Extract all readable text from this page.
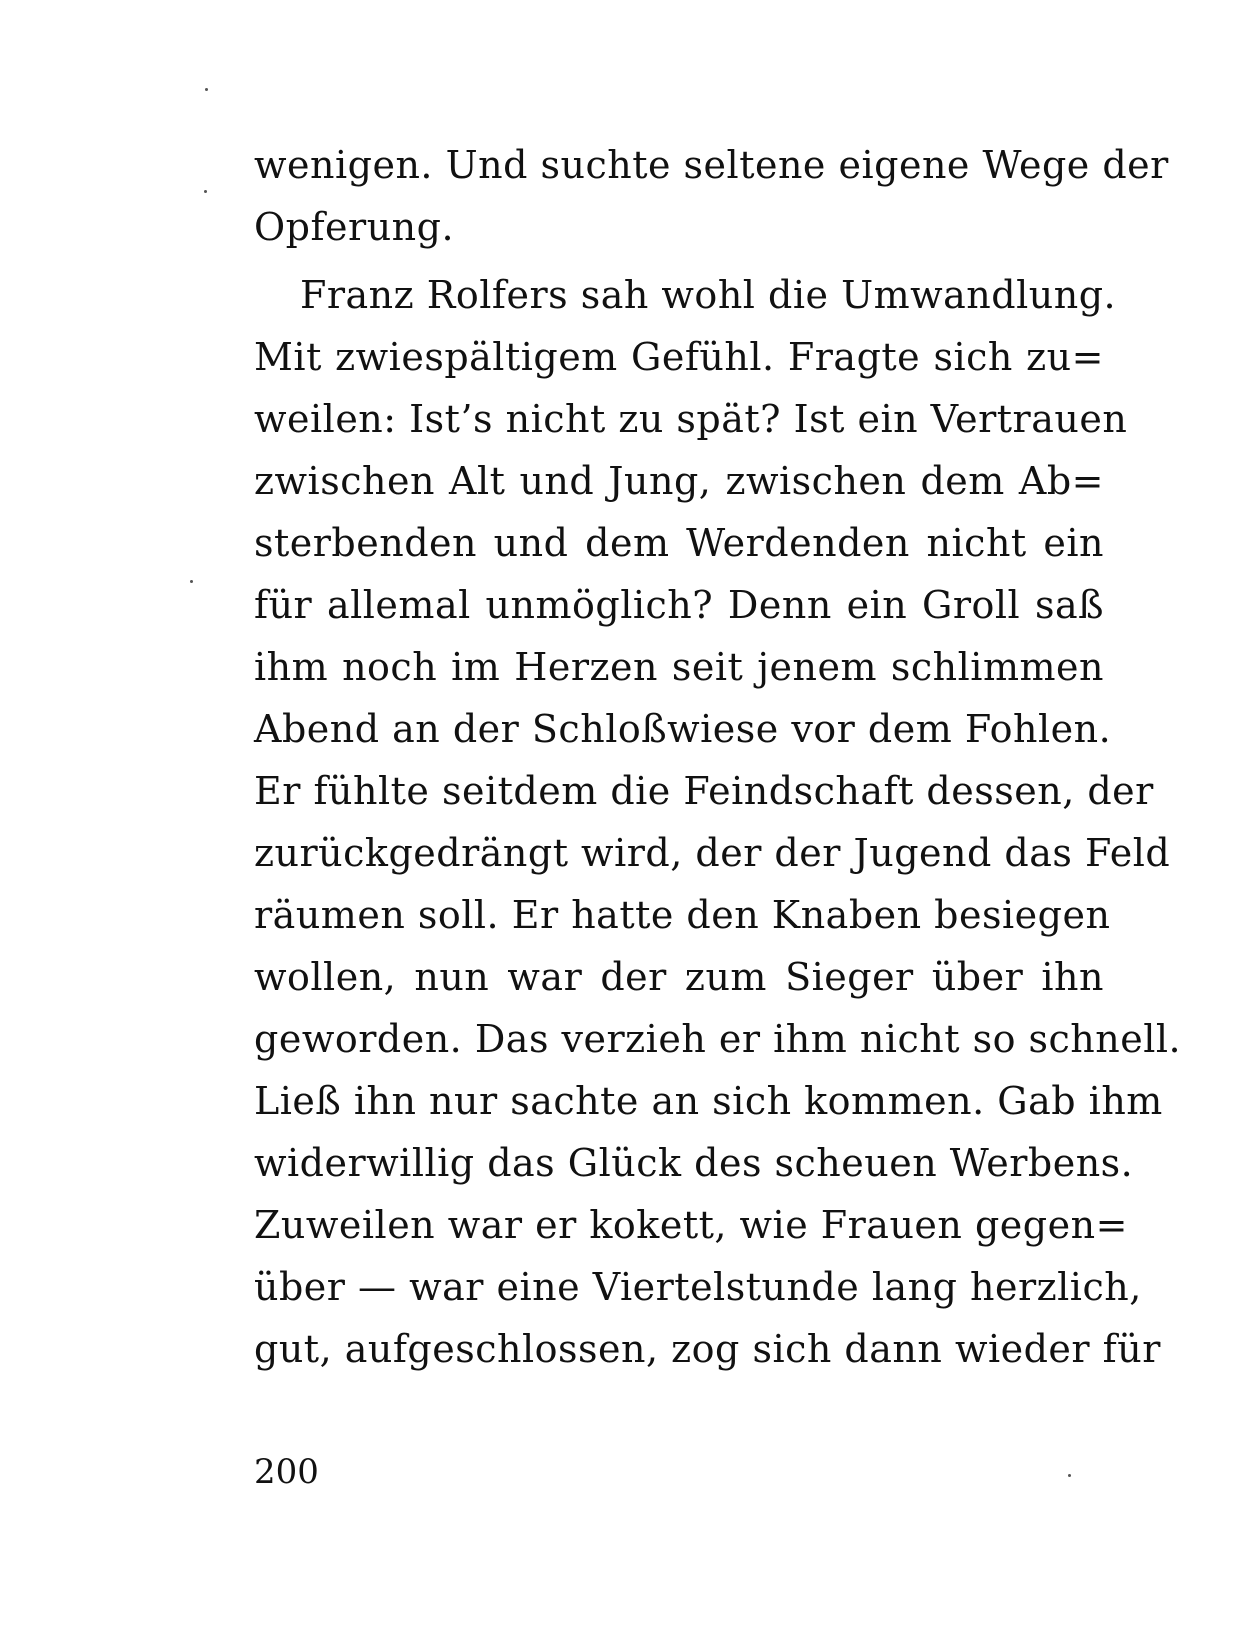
wenigen. Und suchte seltene eigene Wege der
Opferung.
Franz Rolfers sah wohl die Umwandlung.
Mit zwiespältigem Gefühl. Fragte sich zu=
weilen: Ist’s nicht zu spät? Ist ein Vertrauen
zwischen Alt und Jung, zwischen dem Ab=
sterbenden und dem Werdenden nicht ein
für allemal unmöglich? Denn ein Groll saß
ihm noch im Herzen seit jenem schlimmen
Abend an der Schloßwiese vor dem Fohlen.
Er fühlte seitdem die Feindschaft dessen, der
zurückgedrängt wird, der der Jugend das Feld
räumen soll. Er hatte den Knaben besiegen
wollen, nun war der zum Sieger über ihn
geworden. Das verzieh er ihm nicht so schnell.
Ließ ihn nur sachte an sich kommen. Gab ihm
widerwillig das Glück des scheuen Werbens.
Zuweilen war er kokett, wie Frauen gegen=
über — war eine Viertelstunde lang herzlich,
gut, aufgeschlossen, zog sich dann wieder für
200
